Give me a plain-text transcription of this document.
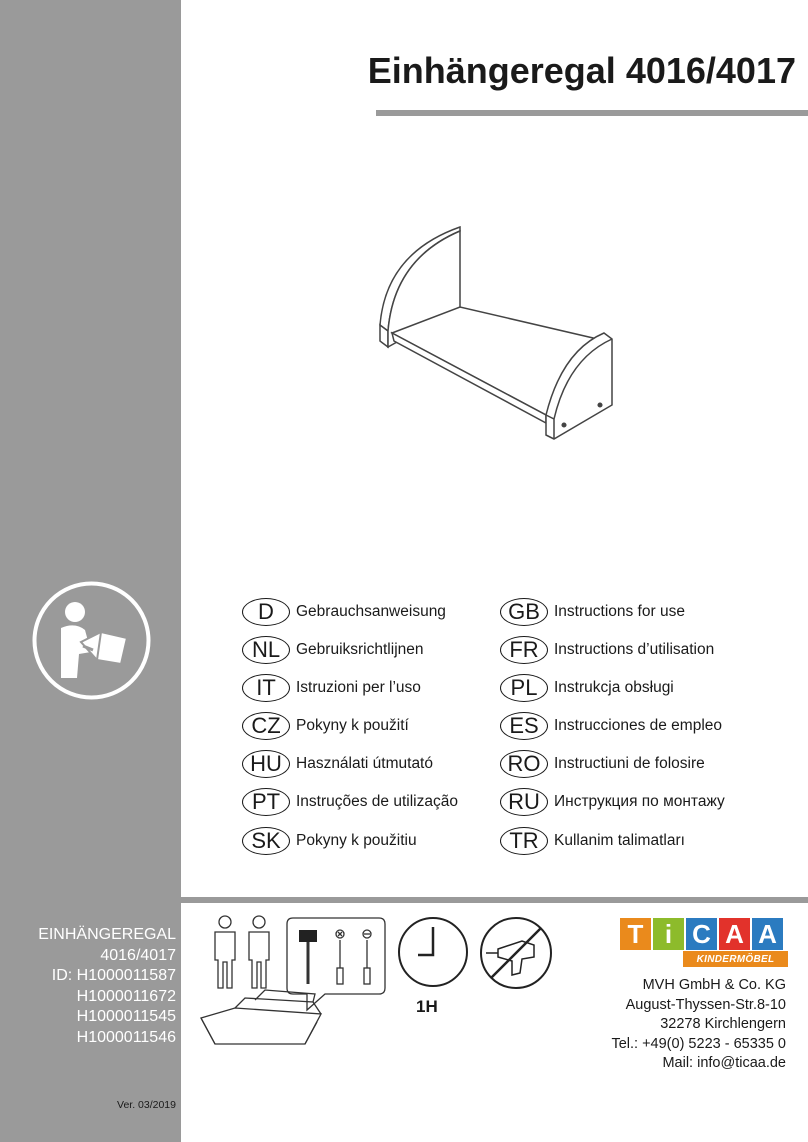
Einhängeregal 4016/4017
D	Gebrauchsanweisung
NL	Gebruiksrichtlijnen
IT	Istruzioni per l’uso
CZ Pokyny k použití
HU Használati útmutató
PT	Instruções de utilização
SK Pokyny k použitiu
GB Instructions for use
FR Instructions d’utilisation
PL	Instrukcja obsługi
ES Instrucciones de empleo
RO Instructiuni de folosire
RU Инструкция по монтажу
TR Kullanim talimatları
EINHÄNGEREGAL
4016/4017
ID: H1000011587
H1000011672
H1000011545
H1000011546
Ver. 03/2019
1H
T i C A A
KINDERMÖBEL
MVH GmbH & Co. KG
August-Thyssen-Str.8-10
32278 Kirchlengern
Tel.: +49(0) 5223 - 65335 0
Mail: info@ticaa.de
